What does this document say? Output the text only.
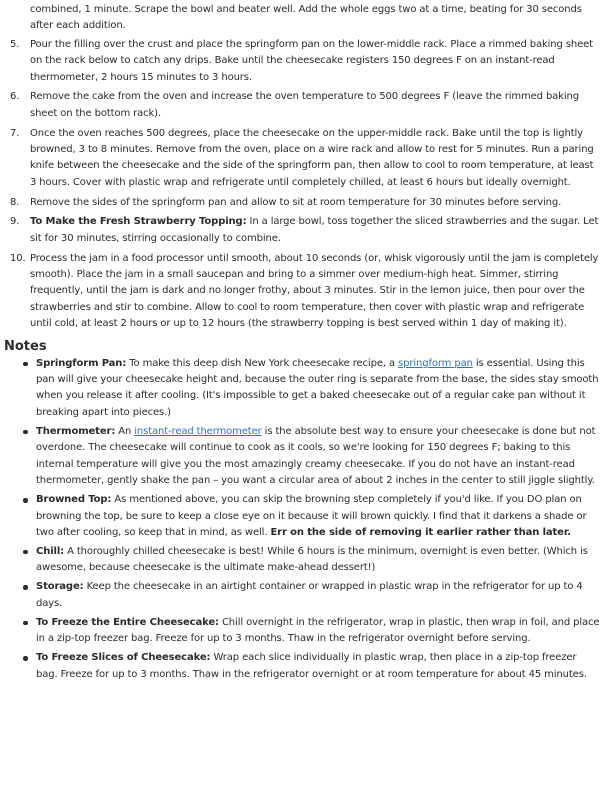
combined, 1 minute. Scrape the bowl and beater well. Add the whole eggs two at a time, beating for 30 seconds after each addition.
5. Pour the filling over the crust and place the springform pan on the lower-middle rack. Place a rimmed baking sheet on the rack below to catch any drips. Bake until the cheesecake registers 150 degrees F on an instant-read thermometer, 2 hours 15 minutes to 3 hours.
6. Remove the cake from the oven and increase the oven temperature to 500 degrees F (leave the rimmed baking sheet on the bottom rack).
7. Once the oven reaches 500 degrees, place the cheesecake on the upper-middle rack. Bake until the top is lightly browned, 3 to 8 minutes. Remove from the oven, place on a wire rack and allow to rest for 5 minutes. Run a paring knife between the cheesecake and the side of the springform pan, then allow to cool to room temperature, at least 3 hours. Cover with plastic wrap and refrigerate until completely chilled, at least 6 hours but ideally overnight.
8. Remove the sides of the springform pan and allow to sit at room temperature for 30 minutes before serving.
9. To Make the Fresh Strawberry Topping: In a large bowl, toss together the sliced strawberries and the sugar. Let sit for 30 minutes, stirring occasionally to combine.
10. Process the jam in a food processor until smooth, about 10 seconds (or, whisk vigorously until the jam is completely smooth). Place the jam in a small saucepan and bring to a simmer over medium-high heat. Simmer, stirring frequently, until the jam is dark and no longer frothy, about 3 minutes. Stir in the lemon juice, then pour over the strawberries and stir to combine. Allow to cool to room temperature, then cover with plastic wrap and refrigerate until cold, at least 2 hours or up to 12 hours (the strawberry topping is best served within 1 day of making it).
Notes
Springform Pan: To make this deep dish New York cheesecake recipe, a springform pan is essential. Using this pan will give your cheesecake height and, because the outer ring is separate from the base, the sides stay smooth when you release it after cooling. (It's impossible to get a baked cheesecake out of a regular cake pan without it breaking apart into pieces.)
Thermometer: An instant-read thermometer is the absolute best way to ensure your cheesecake is done but not overdone. The cheesecake will continue to cook as it cools, so we're looking for 150 degrees F; baking to this internal temperature will give you the most amazingly creamy cheesecake. If you do not have an instant-read thermometer, gently shake the pan – you want a circular area of about 2 inches in the center to still jiggle slightly.
Browned Top: As mentioned above, you can skip the browning step completely if you'd like. If you DO plan on browning the top, be sure to keep a close eye on it because it will brown quickly. I find that it darkens a shade or two after cooling, so keep that in mind, as well. Err on the side of removing it earlier rather than later.
Chill: A thoroughly chilled cheesecake is best! While 6 hours is the minimum, overnight is even better. (Which is awesome, because cheesecake is the ultimate make-ahead dessert!)
Storage: Keep the cheesecake in an airtight container or wrapped in plastic wrap in the refrigerator for up to 4 days.
To Freeze the Entire Cheesecake: Chill overnight in the refrigerator, wrap in plastic, then wrap in foil, and place in a zip-top freezer bag. Freeze for up to 3 months. Thaw in the refrigerator overnight before serving.
To Freeze Slices of Cheesecake: Wrap each slice individually in plastic wrap, then place in a zip-top freezer bag. Freeze for up to 3 months. Thaw in the refrigerator overnight or at room temperature for about 45 minutes.
